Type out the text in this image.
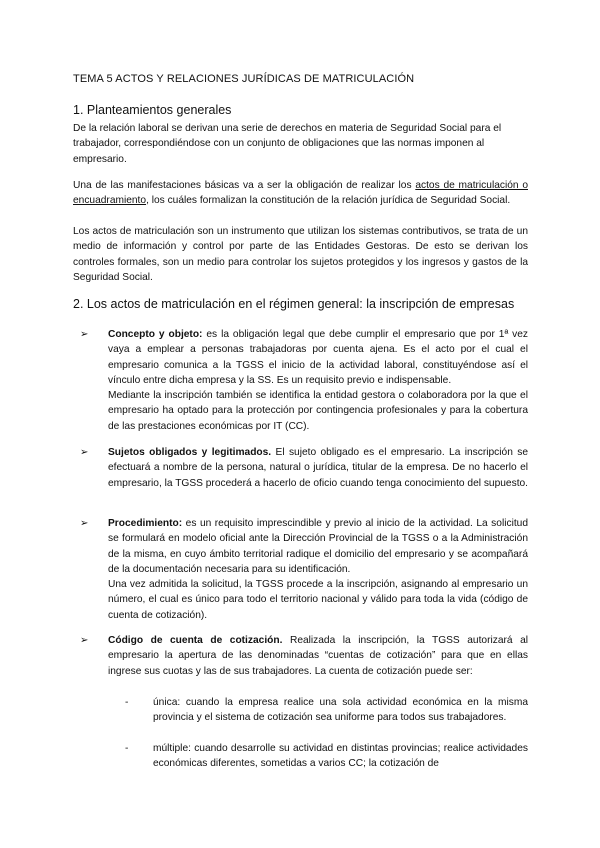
TEMA 5 ACTOS Y RELACIONES JURÍDICAS DE MATRICULACIÓN
1. Planteamientos generales

De la relación laboral se derivan una serie de derechos en materia de Seguridad Social para el trabajador, correspondiéndose con un conjunto de obligaciones que las normas imponen al empresario.

Una de las manifestaciones básicas va a ser la obligación de realizar los actos de matriculación o encuadramiento, los cuáles formalizan la constitución de la relación jurídica de Seguridad Social.

Los actos de matriculación son un instrumento que utilizan los sistemas contributivos, se trata de un medio de información y control por parte de las Entidades Gestoras. De esto se derivan los controles formales, son un medio para controlar los sujetos protegidos y los ingresos y gastos de la Seguridad Social.

2. Los actos de matriculación en el régimen general: la inscripción de empresas
➢	Concepto y objeto: es la obligación legal que debe cumplir el empresario que por 1ª vez vaya a emplear a personas trabajadoras por cuenta ajena. Es el acto por el cual el empresario comunica a la TGSS el inicio de la actividad laboral, constituyéndose así el vínculo entre dicha empresa y la SS. Es un requisito previo e indispensable.

Mediante la inscripción también se identifica la entidad gestora o colaboradora por la que el empresario ha optado para la protección por contingencia profesionales y para la cobertura de las prestaciones económicas por IT (CC).

➢	Sujetos obligados y legitimados. El sujeto obligado es el empresario. La inscripción se efectuará a nombre de la persona, natural o jurídica, titular de la empresa. De no hacerlo el empresario, la TGSS procederá a hacerlo de oficio cuando tenga conocimiento del supuesto.

➢	Procedimiento: es un requisito imprescindible y previo al inicio de la actividad. La solicitud se formulará en modelo oficial ante la Dirección Provincial de la TGSS o a la Administración de la misma, en cuyo ámbito territorial radique el domicilio del empresario y se acompañará de la documentación necesaria para su identificación.

Una vez admitida la solicitud, la TGSS procede a la inscripción, asignando al empresario un número, el cual es único para todo el territorio nacional y válido para toda la vida (código de cuenta de cotización).

➢	Código de cuenta de cotización. Realizada la inscripción, la TGSS autorizará al empresario la apertura de las denominadas “cuentas de cotización” para que en ellas ingrese sus cuotas y las de sus trabajadores. La cuenta de cotización puede ser:

- única: cuando la empresa realice una sola actividad económica en la misma provincia y el sistema de cotización sea uniforme para todos sus trabajadores.

- múltiple: cuando desarrolle su actividad en distintas provincias; realice actividades económicas diferentes, sometidas a varios CC; la cotización de
